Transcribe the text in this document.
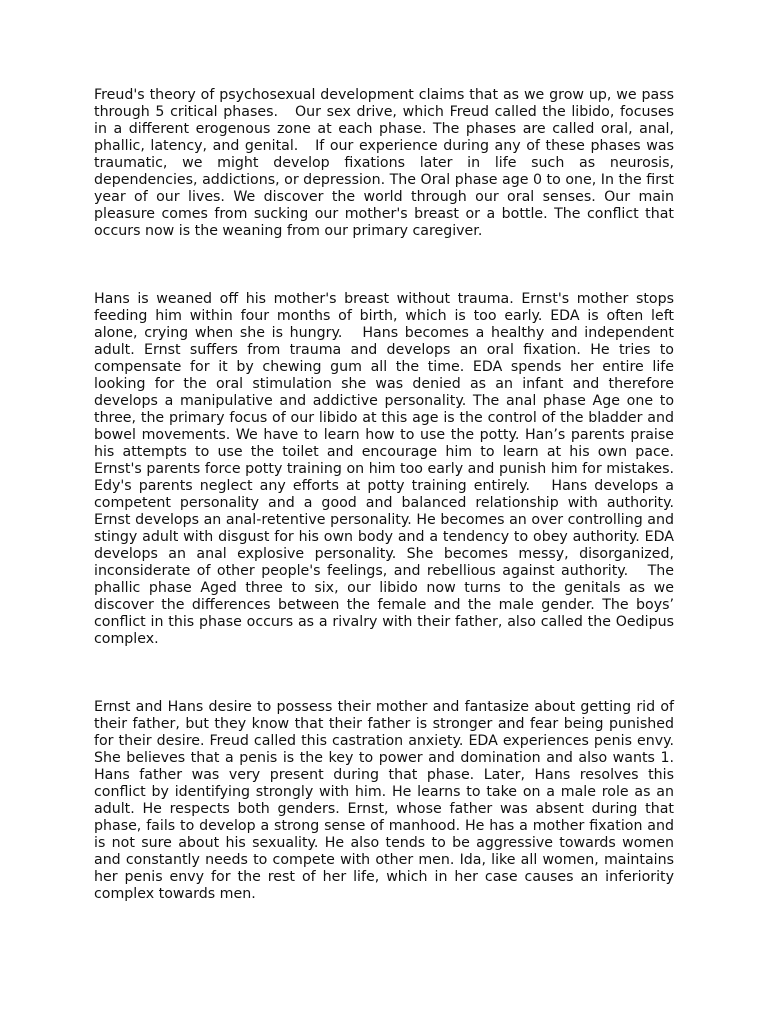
Freud's theory of psychosexual development claims that as we grow up, we pass through 5 critical phases.   Our sex drive, which Freud called the libido, focuses in a different erogenous zone at each phase. The phases are called oral, anal, phallic, latency, and genital.   If our experience during any of these phases was traumatic, we might develop fixations later in life such as neurosis, dependencies, addictions, or depression. The Oral phase age 0 to one, In the first year of our lives. We discover the world through our oral senses. Our main pleasure comes from sucking our mother's breast or a bottle. The conflict that occurs now is the weaning from our primary caregiver.

Hans is weaned off his mother's breast without trauma. Ernst's mother stops feeding him within four months of birth, which is too early. EDA is often left alone, crying when she is hungry.   Hans becomes a healthy and independent adult. Ernst suffers from trauma and develops an oral fixation. He tries to compensate for it by chewing gum all the time. EDA spends her entire life looking for the oral stimulation she was denied as an infant and therefore develops a manipulative and addictive personality. The anal phase Age one to three, the primary focus of our libido at this age is the control of the bladder and bowel movements. We have to learn how to use the potty. Han’s parents praise his attempts to use the toilet and encourage him to learn at his own pace. Ernst's parents force potty training on him too early and punish him for mistakes. Edy's parents neglect any efforts at potty training entirely.   Hans develops a competent personality and a good and balanced relationship with authority. Ernst develops an anal-retentive personality. He becomes an over controlling and stingy adult with disgust for his own body and a tendency to obey authority. EDA develops an anal explosive personality. She becomes messy, disorganized, inconsiderate of other people's feelings, and rebellious against authority.   The phallic phase Aged three to six, our libido now turns to the genitals as we discover the differences between the female and the male gender. The boys’ conflict in this phase occurs as a rivalry with their father, also called the Oedipus complex.

Ernst and Hans desire to possess their mother and fantasize about getting rid of their father, but they know that their father is stronger and fear being punished for their desire. Freud called this castration anxiety. EDA experiences penis envy. She believes that a penis is the key to power and domination and also wants 1.   Hans father was very present during that phase. Later, Hans resolves this conflict by identifying strongly with him. He learns to take on a male role as an adult. He respects both genders. Ernst, whose father was absent during that phase, fails to develop a strong sense of manhood. He has a mother fixation and is not sure about his sexuality. He also tends to be aggressive towards women and constantly needs to compete with other men. Ida, like all women, maintains her penis envy for the rest of her life, which in her case causes an inferiority complex towards men.
